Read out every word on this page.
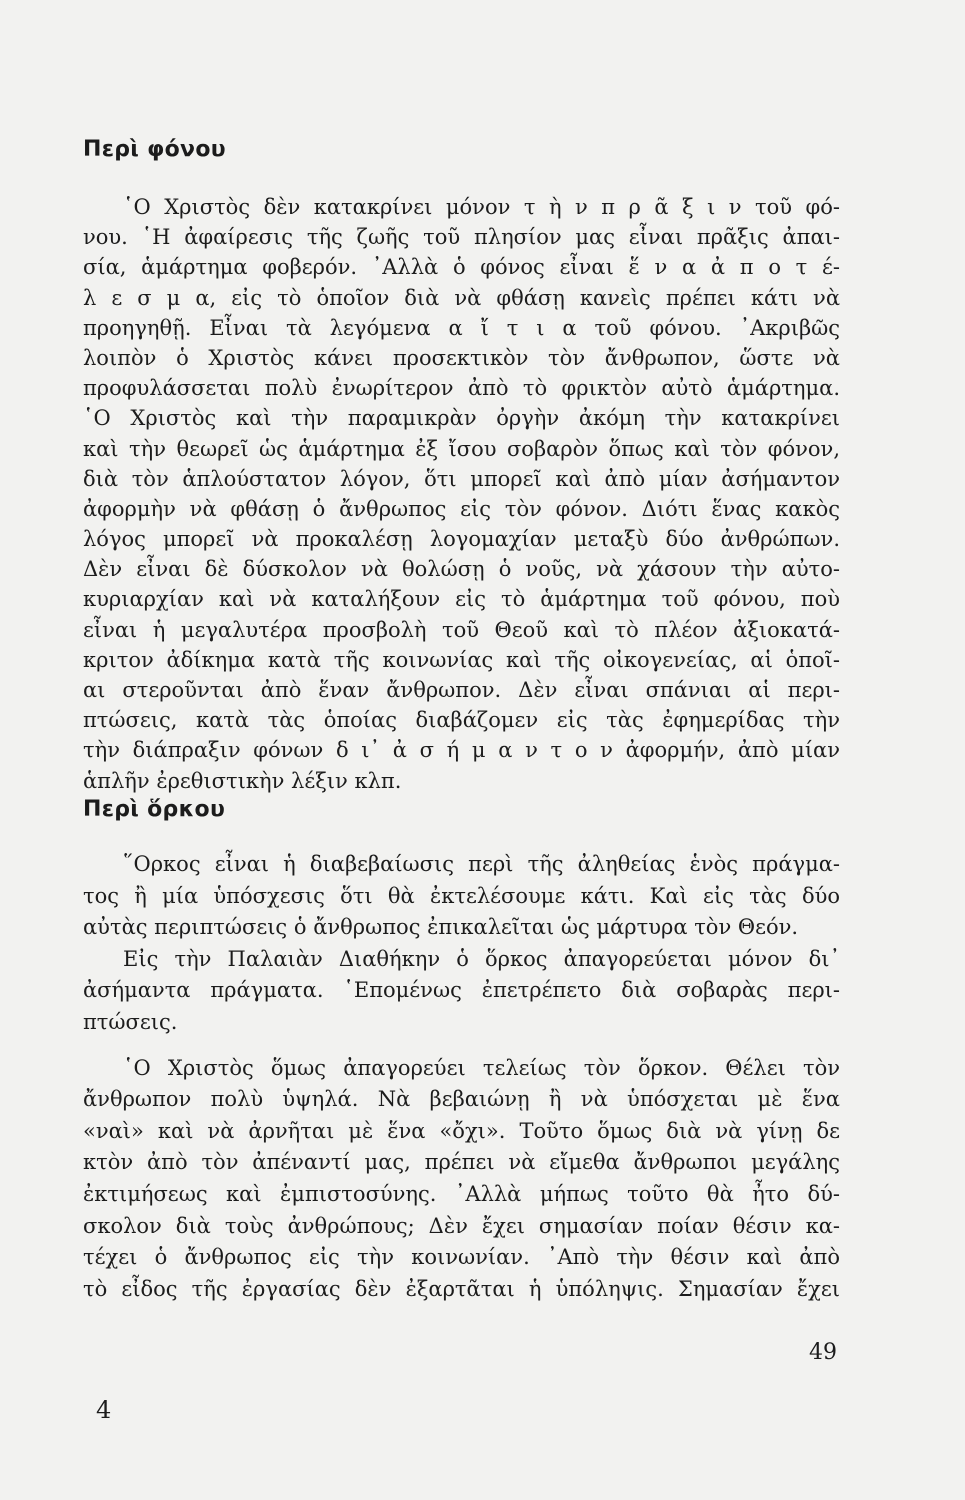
Περὶ φόνου
῾Ο Χριστὸς δὲν κατακρίνει μόνον τ ὴ ν π ρ ᾶ ξ ι ν τοῦ φό-
νου. ῾Η ἀφαίρεσις τῆς ζωῆς τοῦ πλησίον μας εἶναι πρᾶξις ἀπαι-
σία, ἁμάρτημα φοβερόν. ᾿Αλλὰ ὁ φόνος εἶναι ἕ ν α ἀ π ο τ έ-
λ ε σ μ α, εἰς τὸ ὁποῖον διὰ νὰ φθάσῃ κανεὶς πρέπει κάτι νὰ
προηγηθῇ. Εἶναι τὰ λεγόμενα α ἴ τ ι α τοῦ φόνου. ᾿Ακριβῶς
λοιπὸν ὁ Χριστὸς κάνει προσεκτικὸν τὸν ἄνθρωπον, ὥστε νὰ
προφυλάσσεται πολὺ ἐνωρίτερον ἀπὸ τὸ φρικτὸν αὐτὸ ἁμάρτημα.
῾Ο Χριστὸς καὶ τὴν παραμικρὰν ὀργὴν ἀκόμη τὴν κατακρίνει
καὶ τὴν θεωρεῖ ὡς ἁμάρτημα ἐξ ἴσου σοβαρὸν ὅπως καὶ τὸν φόνον,
διὰ τὸν ἁπλούστατον λόγον, ὅτι μπορεῖ καὶ ἀπὸ μίαν ἀσήμαντον
ἀφορμὴν νὰ φθάσῃ ὁ ἄνθρωπος εἰς τὸν φόνον. Διότι ἕνας κακὸς
λόγος μπορεῖ νὰ προκαλέσῃ λογομαχίαν μεταξὺ δύο ἀνθρώπων.
Δὲν εἶναι δὲ δύσκολον νὰ θολώσῃ ὁ νοῦς, νὰ χάσουν τὴν αὐτο-
κυριαρχίαν καὶ νὰ καταλήξουν εἰς τὸ ἁμάρτημα τοῦ φόνου, ποὺ
εἶναι ἡ μεγαλυτέρα προσβολὴ τοῦ Θεοῦ καὶ τὸ πλέον ἀξιοκατά-
κριτον ἀδίκημα κατὰ τῆς κοινωνίας καὶ τῆς οἰκογενείας, αἱ ὁποῖ-
αι στεροῦνται ἀπὸ ἕναν ἄνθρωπον. Δὲν εἶναι σπάνιαι αἱ περι-
πτώσεις, κατὰ τὰς ὁποίας διαβάζομεν εἰς τὰς ἐφημερίδας τὴν
τὴν διάπραξιν φόνων δ ι᾿ ἀ σ ή μ α ν τ ο ν ἀφορμήν, ἀπὸ μίαν
ἁπλῆν ἐρεθιστικὴν λέξιν κλπ.
Περὶ ὅρκου
῞Ορκος εἶναι ἡ διαβεβαίωσις περὶ τῆς ἀληθείας ἑνὸς πράγμα-
τος ἢ μία ὑπόσχεσις ὅτι θὰ ἐκτελέσουμε κάτι. Καὶ εἰς τὰς δύο
αὐτὰς περιπτώσεις ὁ ἄνθρωπος ἐπικαλεῖται ὡς μάρτυρα τὸν Θεόν.
Εἰς τὴν Παλαιὰν Διαθήκην ὁ ὅρκος ἀπαγορεύεται μόνον δι᾿
ἀσήμαντα πράγματα. ῾Επομένως ἐπετρέπετο διὰ σοβαρὰς περι-
πτώσεις.
῾Ο Χριστὸς ὅμως ἀπαγορεύει τελείως τὸν ὅρκον. Θέλει τὸν
ἄνθρωπον πολὺ ὑψηλά. Νὰ βεβαιώνῃ ἢ νὰ ὑπόσχεται μὲ ἕνα
«ναὶ» καὶ νὰ ἀρνῆται μὲ ἕνα «ὄχι». Τοῦτο ὅμως διὰ νὰ γίνῃ δε
κτὸν ἀπὸ τὸν ἀπέναντί μας, πρέπει νὰ εἴμεθα ἄνθρωποι μεγάλης
ἐκτιμήσεως καὶ ἐμπιστοσύνης. ᾿Αλλὰ μήπως τοῦτο θὰ ἦτο δύ-
σκολον διὰ τοὺς ἀνθρώπους; Δὲν ἔχει σημασίαν ποίαν θέσιν κα-
τέχει ὁ ἄνθρωπος εἰς τὴν κοινωνίαν. ᾿Απὸ τὴν θέσιν καὶ ἀπὸ
τὸ εἶδος τῆς ἐργασίας δὲν ἐξαρτᾶται ἡ ὑπόληψις. Σημασίαν ἔχει
49
4
